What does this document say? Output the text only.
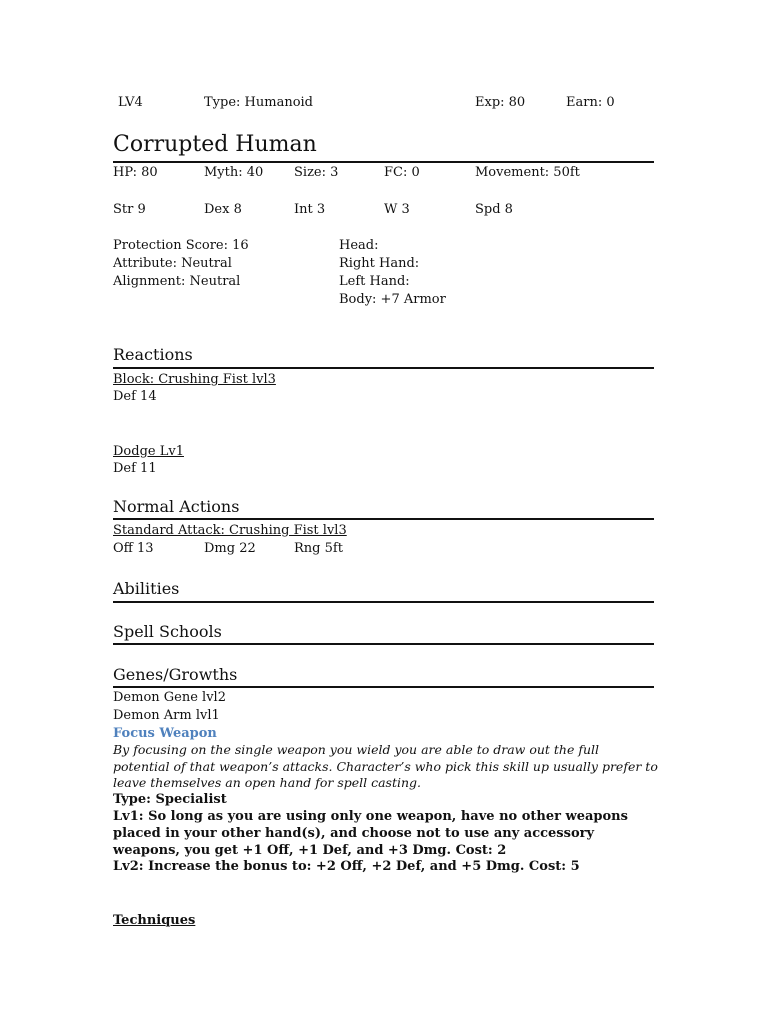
LV4	Type: Humanoid	Exp: 80	Earn: 0
Corrupted Human
HP: 80	Myth: 40 Size: 3	FC: 0	Movement: 50ft
Str 9	Dex 8	Int 3	W 3	Spd 8
Protection Score: 16
Attribute: Neutral
Alignment: Neutral
Head:
Right Hand:
Left Hand:
Body: +7 Armor
Reactions
Block: Crushing Fist lvl3
Def 14
Dodge Lv1
Def 11
Normal Actions
Standard Attack: Crushing Fist lvl3
Off 13	Dmg 22	Rng 5ft
Abilities
Spell Schools
Genes/Growths
Demon Gene lvl2
Demon Arm lvl1
Focus Weapon
By focusing on the single weapon you wield you are able to draw out the full potential of that weapon’s attacks. Character’s who pick this skill up usually prefer to leave themselves an open hand for spell casting.
Type: Specialist
Lv1: So long as you are using only one weapon, have no other weapons placed in your other hand(s), and choose not to use any accessory weapons, you get +1 Off, +1 Def, and +3 Dmg. Cost: 2
Lv2: Increase the bonus to: +2 Off, +2 Def, and +5 Dmg. Cost: 5
Techniques
